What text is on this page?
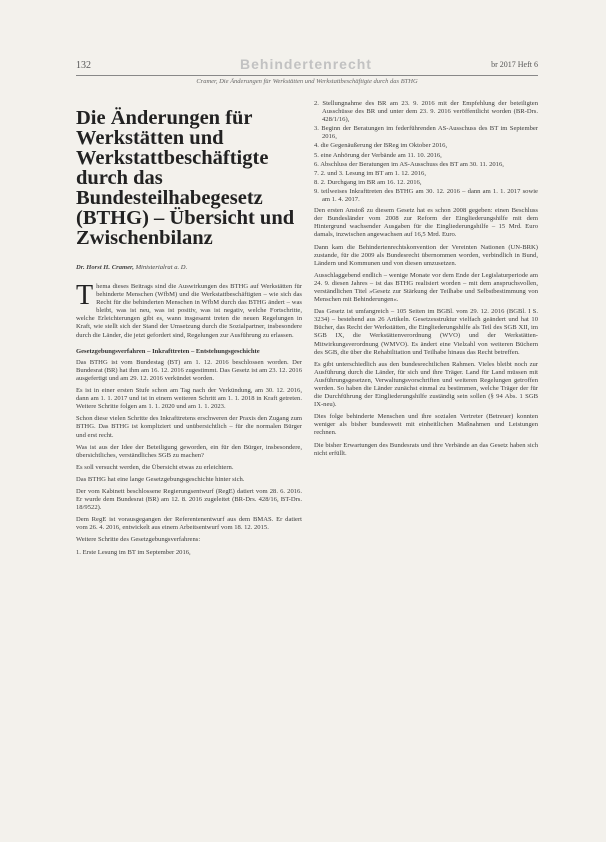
132	Behindertenrecht	br 2017 Heft 6
Cramer, Die Änderungen für Werkstätten und Werkstattbeschäftigte durch das BTHG
Die Änderungen für Werkstätten und Werkstattbeschäftigte durch das Bundesteilhabegesetz (BTHG) – Übersicht und Zwischenbilanz
Dr. Horst H. Cramer, Ministerialrat a. D.
T hema dieses Beitrags sind die Auswirkungen des BTHG auf Werkstätten für behinderte Menschen (WfbM) und die Werkstattbeschäftigten – wie sich das Recht für die behinderten Menschen in WfbM durch das BTHG ändert – was bleibt, was ist neu, was ist positiv, was ist negativ, welche Fortschritte, welche Erleichterungen gibt es, wann insgesamt treten die neuen Regelungen in Kraft, wie stellt sich der Stand der Umsetzung durch die Sozialpartner, insbesondere durch die Länder, die jetzt gefordert sind, Regelungen zur Ausführung zu erlassen.

Gesetzgebungsverfahren – Inkrafttreten – Entstehungsgeschichte

Das BTHG ist vom Bundestag (BT) am 1. 12. 2016 beschlossen worden. Der Bundesrat (BR) hat ihm am 16. 12. 2016 zugestimmt. Das Gesetz ist am 23. 12. 2016 ausgefertigt und am 29. 12. 2016 verkündet worden.

Es ist in einer ersten Stufe schon am Tag nach der Verkündung, am 30. 12. 2016, dann am 1. 1. 2017 und ist in einem weiteren Schritt am 1. 1. 2018 in Kraft getreten. Weitere Schritte folgen am 1. 1. 2020 und am 1. 1. 2023.

Schon diese vielen Schritte des Inkrafttretens erschweren der Praxis den Zugang zum BTHG. Das BTHG ist kompliziert und unübersichtlich – für die normalen Bürger und erst recht.

Was ist aus der Idee der Beteiligung geworden, ein für den Bürger, insbesondere, übersichtliches, verständliches SGB zu machen?

Es soll versucht werden, die Übersicht etwas zu erleichtern.

Das BTHG hat eine lange Gesetzgebungsgeschichte hinter sich.

Der vom Kabinett beschlossene Regierungsentwurf (RegE) datiert vom 28. 6. 2016. Er wurde dem Bundesrat (BR) am 12. 8. 2016 zugeleitet (BR-Drs. 428/16, BT-Drs. 18/9522).

Dem RegE ist vorausgegangen der Referentenentwurf aus dem BMAS. Er datiert vom 26. 4. 2016, entwickelt aus einem Arbeitsentwurf vom 18. 12. 2015.

Weitere Schritte des Gesetzgebungsverfahrens:

1. Erste Lesung im BT im September 2016,
2. Stellungnahme des BR am 23. 9. 2016 mit der Empfehlung der beteiligten Ausschüsse des BR und unter dem 23. 9. 2016 veröffentlicht worden (BR-Drs. 428/1/16),
3. Beginn der Beratungen im federführenden AS-Ausschuss des BT im September 2016,
4. die Gegenäußerung der BReg im Oktober 2016,
5. eine Anhörung der Verbände am 11. 10. 2016,
6. Abschluss der Beratungen im AS-Ausschuss des BT am 30. 11. 2016,
7. 2. und 3. Lesung im BT am 1. 12. 2016,
8. 2. Durchgang im BR am 16. 12. 2016,
9. teilweises Inkrafttreten des BTHG am 30. 12. 2016 – dann am 1. 1. 2017 sowie am 1. 4. 2017.

Den ersten Anstoß zu diesem Gesetz hat es schon 2008 gegeben: einen Beschluss der Bundesländer vom 2008 zur Reform der Eingliederungshilfe mit dem Hintergrund wachsender Ausgaben für die Eingliederungshilfe – 15 Mrd. Euro damals, inzwischen angewachsen auf 16,5 Mrd. Euro.

Dann kam die Behindertenrechtskonvention der Vereinten Nationen (UN-BRK) zustande, für die 2009 als Bundesrecht übernommen worden, verbindlich in Bund, Ländern und Kommunen und von diesen umzusetzen.

Ausschlaggebend endlich – wenige Monate vor dem Ende der Legislaturperiode am 24. 9. diesen Jahres – ist das BTHG realisiert worden – mit dem anspruchsvollen, verständlichen Titel »Gesetz zur Stärkung der Teilhabe und Selbstbestimmung von Menschen mit Behinderungen«.

Das Gesetz ist umfangreich – 105 Seiten im BGBl. vom 29. 12. 2016 (BGBl. I S. 3234) – bestehend aus 26 Artikeln. Gesetzesstruktur vielfach geändert und hat 10 Bücher, das Recht der Werkstätten, die Eingliederungshilfe als Teil des SGB XII, im SGB IX, die Werkstättenverordnung (WVO) und der Werkstätten-Mitwirkungsverordnung (WMVO). Es ändert eine Vielzahl von weiteren Büchern des SGB, die über die Rehabilitation und Teilhabe hinaus das Recht betreffen.

Es gibt unterschiedlich aus den bundesrechtlichen Rahmen. Vieles bleibt noch zur Ausführung durch die Länder, für sich und ihre Träger. Land für Land müssen mit Ausführungsgesetzen, Verwaltungsvorschriften und weiteren Regelungen getroffen werden. So haben die Länder zunächst einmal zu bestimmen, welche Träger der für die Durchführung der Eingliederungshilfe zuständig sein sollen (§ 94 Abs. 1 SGB IX-neu).

Dies folge behinderte Menschen und ihre sozialen Vertreter (Betreuer) konnten weniger als bisher bundesweit mit einheitlichen Maßnahmen und Leistungen rechnen.

Die bisher Erwartungen des Bundesrats und ihre Verbände an das Gesetz haben sich nicht erfüllt.
